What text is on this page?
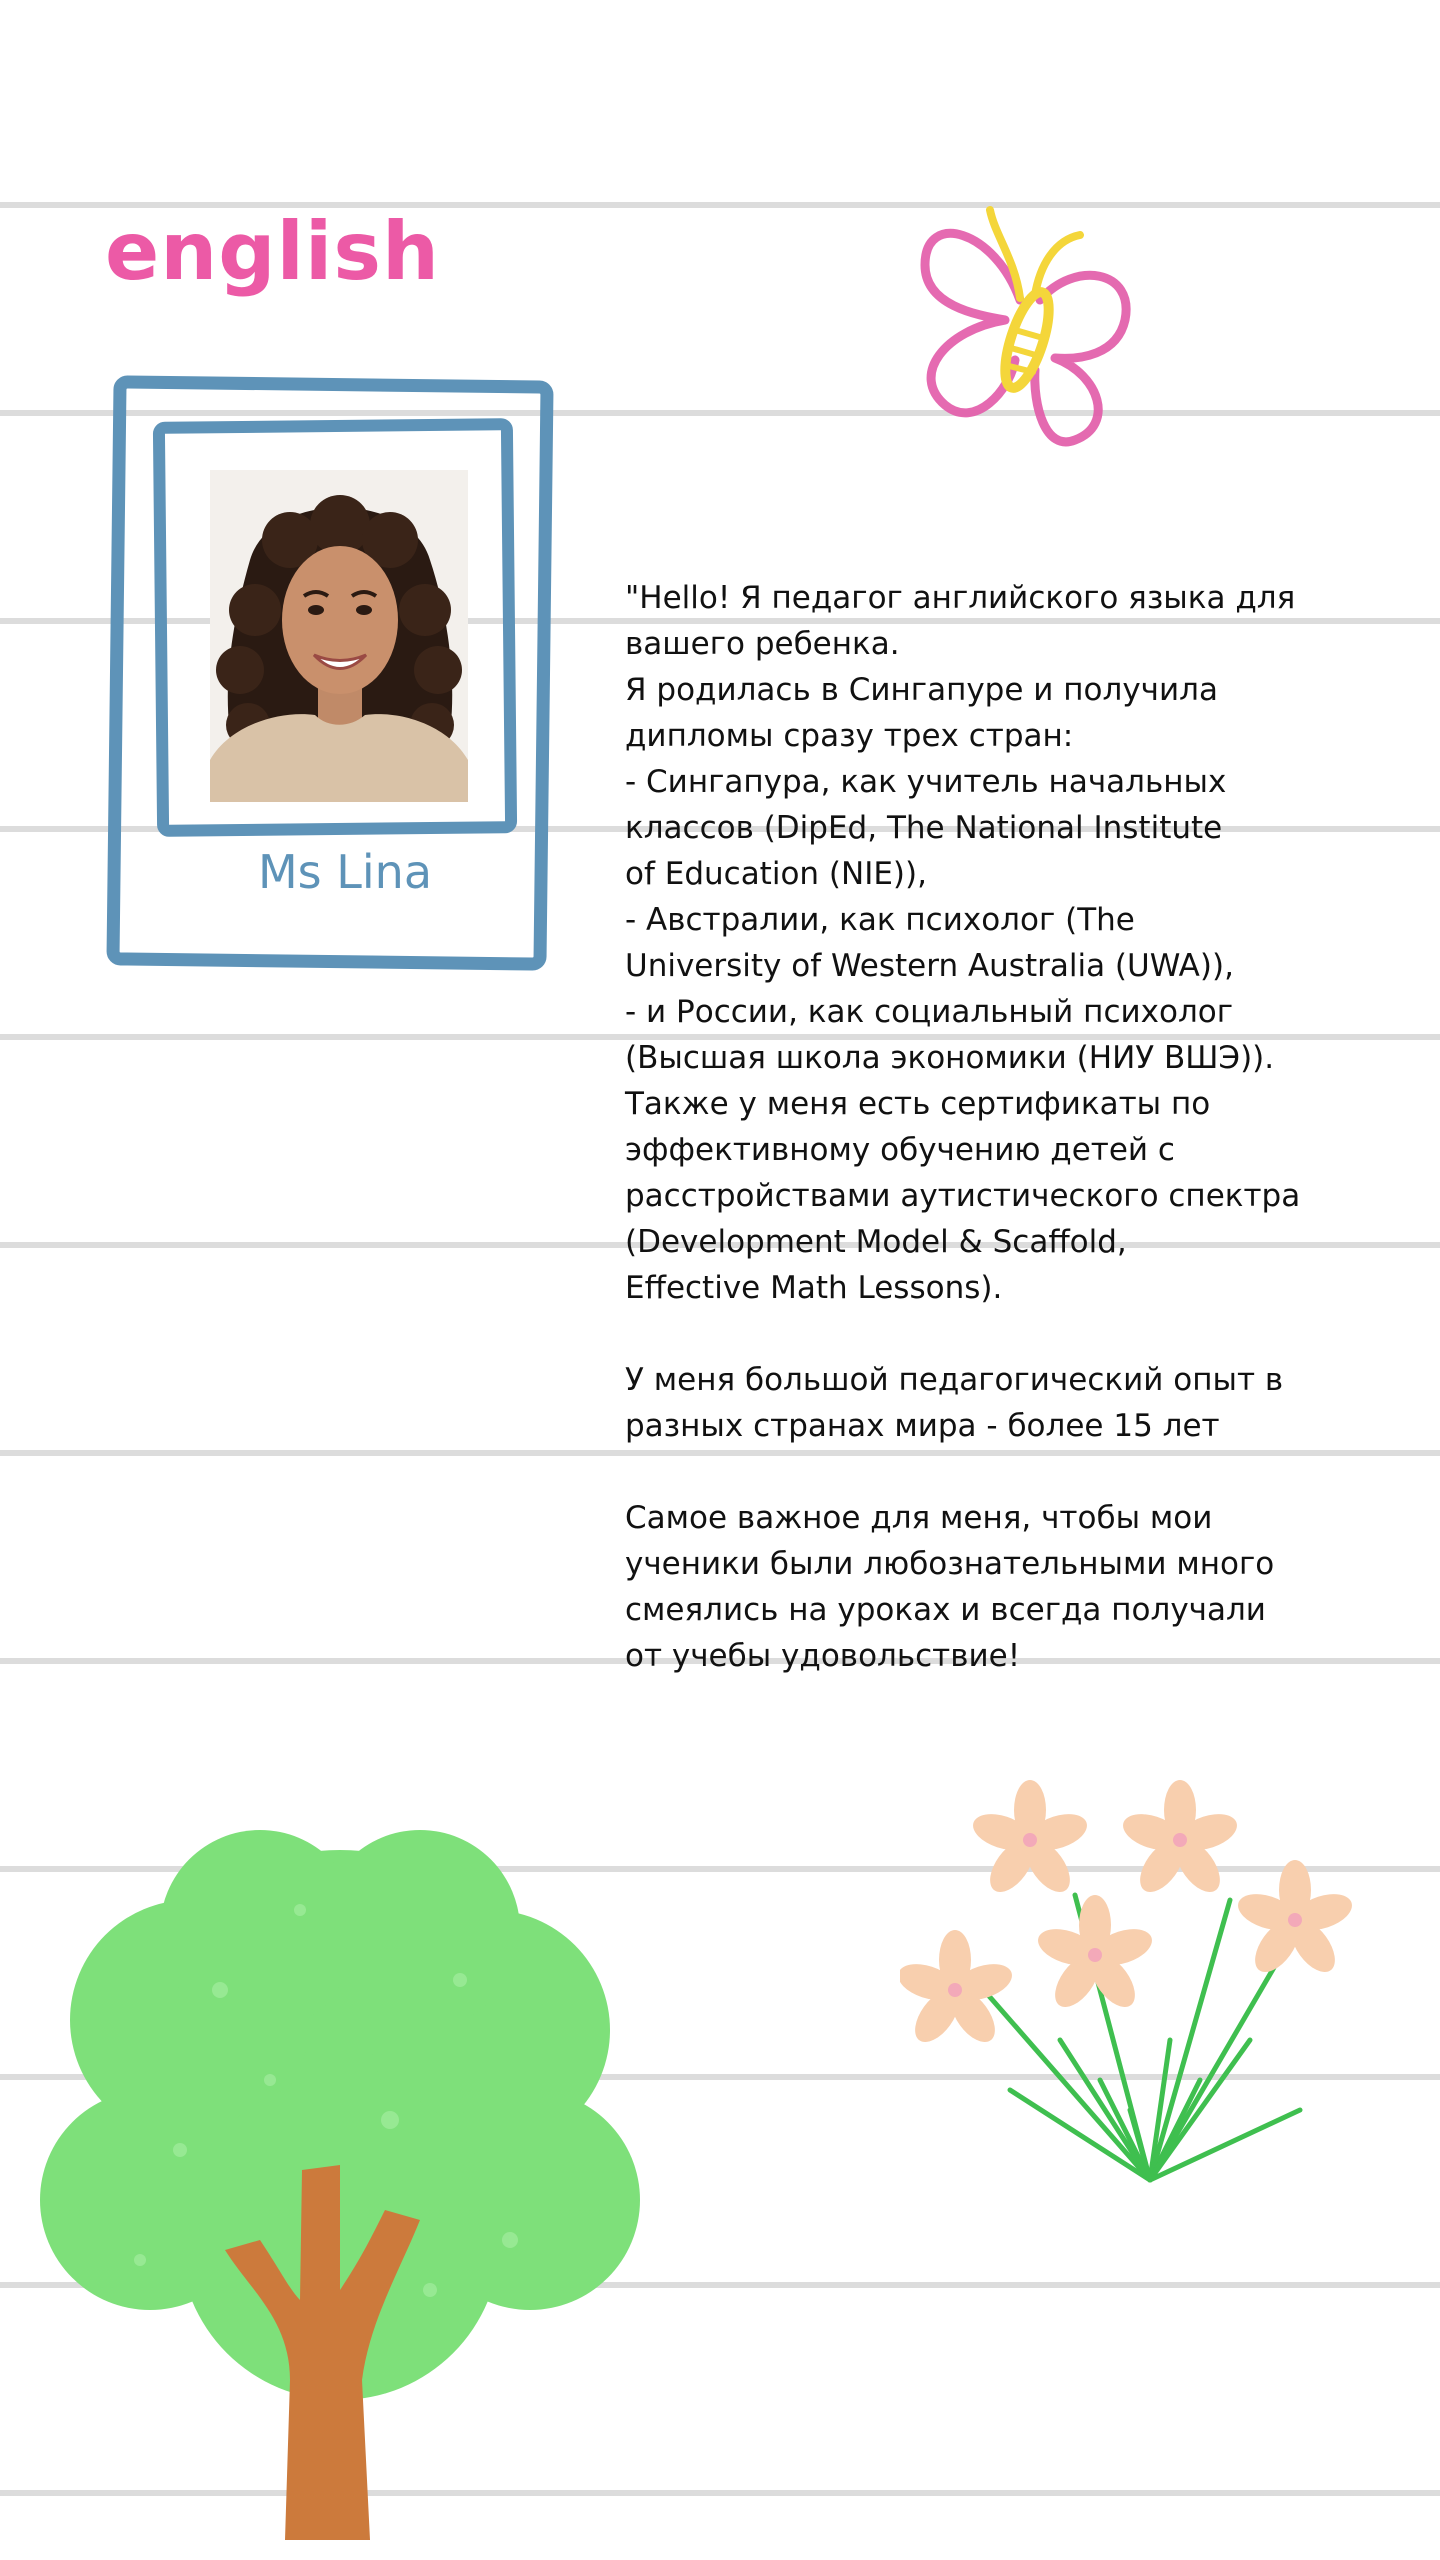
english
Ms Lina

"Hello! Я педагог английского языка для
вашего ребенка.
Я родилась в Сингапуре и получила
дипломы сразу трех стран:
- Сингапура, как учитель начальных
классов (DipEd, The National Institute
of Education (NIE)),
- Австралии, как психолог (The
University of Western Australia (UWA)),
- и России, как социальный психолог
(Высшая школа экономики (НИУ ВШЭ)).
Также у меня есть сертификаты по
эффективному обучению детей с
расстройствами аутистического спектра
(Development Model & Scaffold,
Effective Math Lessons).

У меня большой педагогический опыт в
разных странах мира - более 15 лет

Самое важное для меня, чтобы мои
ученики были любознательными много
смеялись на уроках и всегда получали
от учебы удовольствие!
